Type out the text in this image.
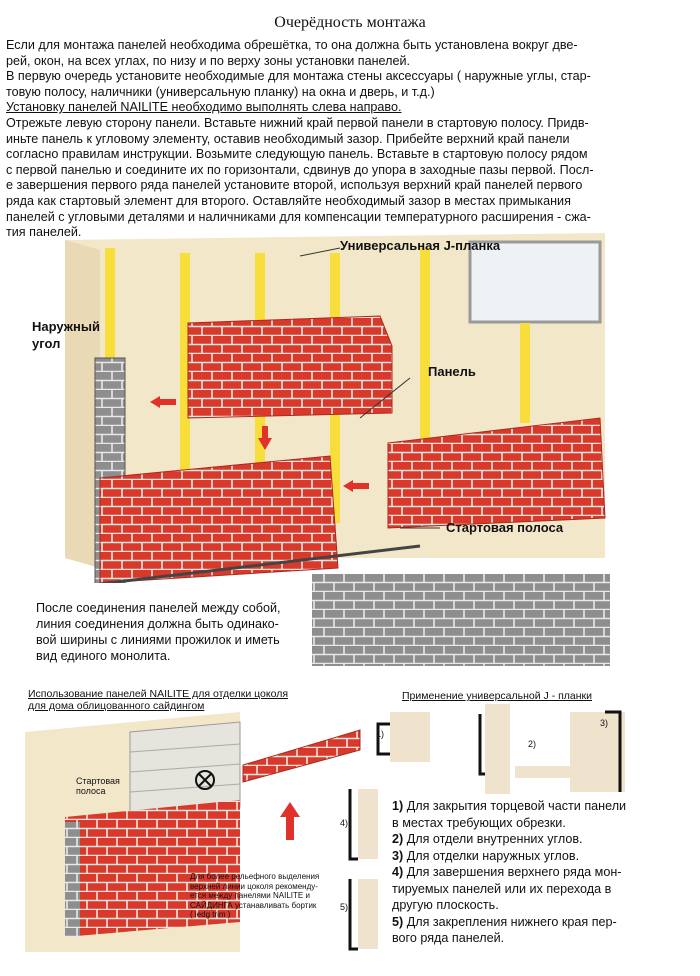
Очерёдность монтажа

Если для монтажа панелей необходима обрешётка, то она должна быть установлена вокруг две-

рей, окон, на всех углах, по низу и по верху зоны установки панелей.

В первую очередь установите необходимые для монтажа стены аксессуары ( наружные углы, стар-

товую полосу, наличники (универсальную планку) на окна и дверь, и т.д.)

Установку панелей NAILITE необходимо выполнять слева направо.

Отрежьте левую сторону панели. Вставьте нижний край первой панели в стартовую полосу. Придв-

иньте панель к угловому элементу, оставив необходимый зазор. Прибейте верхний край панели

согласно правилам инструкции. Возьмите следующую панель. Вставьте в стартовую полосу рядом

с первой панелью и соедините их по горизонтали, сдвинув до упора в заходные пазы первой. Посл-

е завершения первого ряда панелей установите второй, используя верхний край панелей первого

ряда как стартовый элемент для второго. Оставляйте необходимый зазор в местах примыкания

панелей с угловыми деталями и наличниками для компенсации температурного расширения - сжа-

тия панелей.

Универсальная J-планка
Наружный угол
Панель
Стартовая полоса
После соединения панелей между собой,
линия соединения должна быть одинако-
вой ширины с линиями прожилок и иметь
вид единого монолита.
Использование панелей NAILITE для отделки цоколя
для дома облицованного сайдингом
Стартовая
полоса
Для более рельефного выделения
верхней линии цоколя рекоменду-
ется между панелями NAILITE и
САЙДИНГА устанавливать бортик
( ledg trim )
Применение универсальной J - планки
1)
2)
3)
4)
5)
1) Для закрытия торцевой части панели
в местах требующих обрезки.
2) Для отдели внутренних углов.
3) Для отделки наружных углов.
4) Для завершения верхнего ряда мон-
тируемых панелей или их перехода в
другую плоскость.
5) Для закрепления нижнего края пер-
вого ряда панелей.
